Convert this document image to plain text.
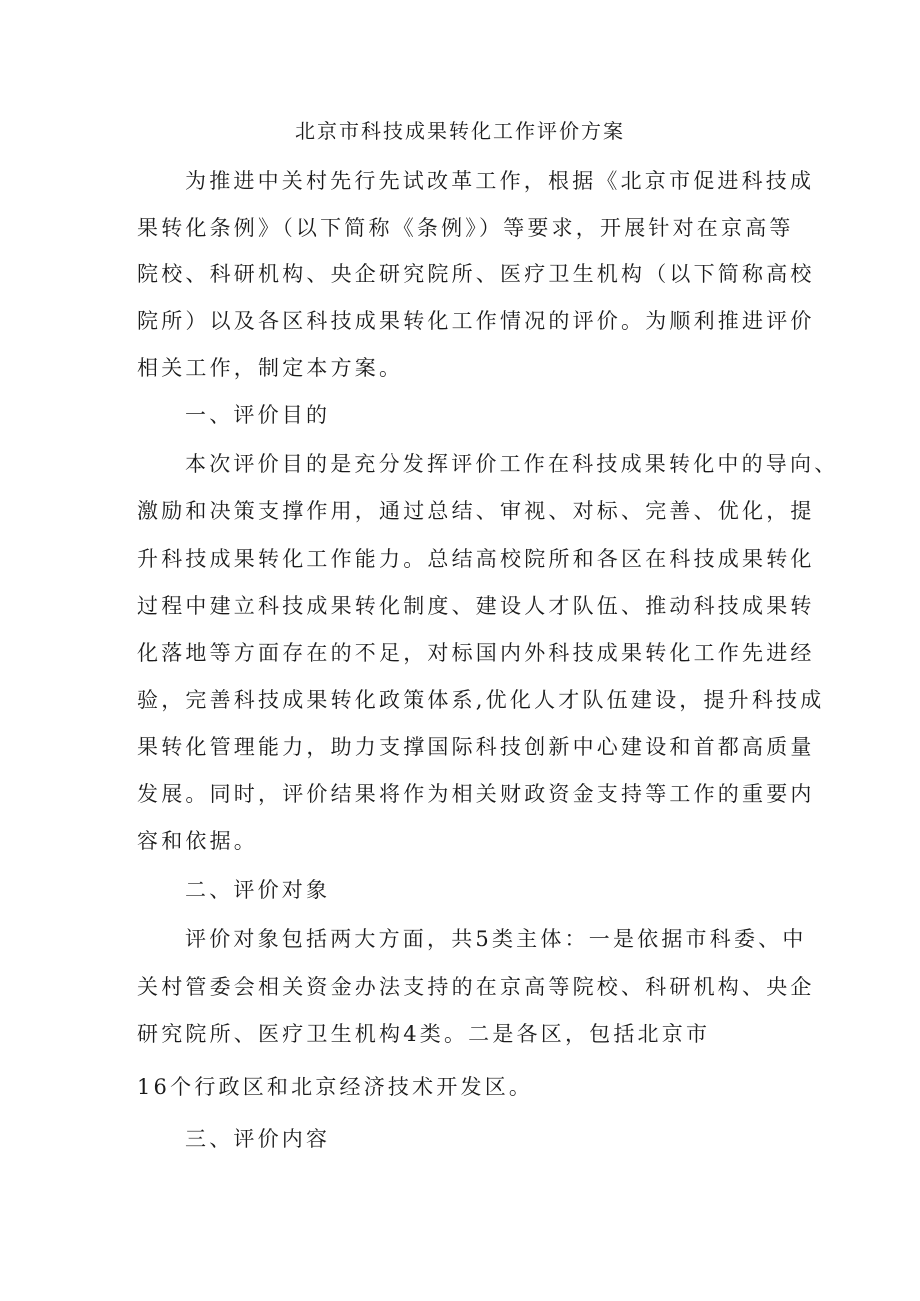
北京市科技成果转化工作评价方案
为推进中关村先行先试改革工作，根据《北京市促进科技成
果转化条例》（以下简称《条例》）等要求，开展针对在京高等
院校、科研机构、央企研究院所、医疗卫生机构（以下简称高校
院所）以及各区科技成果转化工作情况的评价。为顺利推进评价
相关工作，制定本方案。
一、评价目的
本次评价目的是充分发挥评价工作在科技成果转化中的导向、
激励和决策支撑作用，通过总结、审视、对标、完善、优化，提
升科技成果转化工作能力。总结高校院所和各区在科技成果转化
过程中建立科技成果转化制度、建设人才队伍、推动科技成果转
化落地等方面存在的不足，对标国内外科技成果转化工作先进经
验，完善科技成果转化政策体系,优化人才队伍建设，提升科技成
果转化管理能力，助力支撑国际科技创新中心建设和首都高质量
发展。同时，评价结果将作为相关财政资金支持等工作的重要内
容和依据。
二、评价对象
评价对象包括两大方面，共5类主体：一是依据市科委、中
关村管委会相关资金办法支持的在京高等院校、科研机构、央企
研究院所、医疗卫生机构4类。二是各区，包括北京市
16个行政区和北京经济技术开发区。
三、评价内容
